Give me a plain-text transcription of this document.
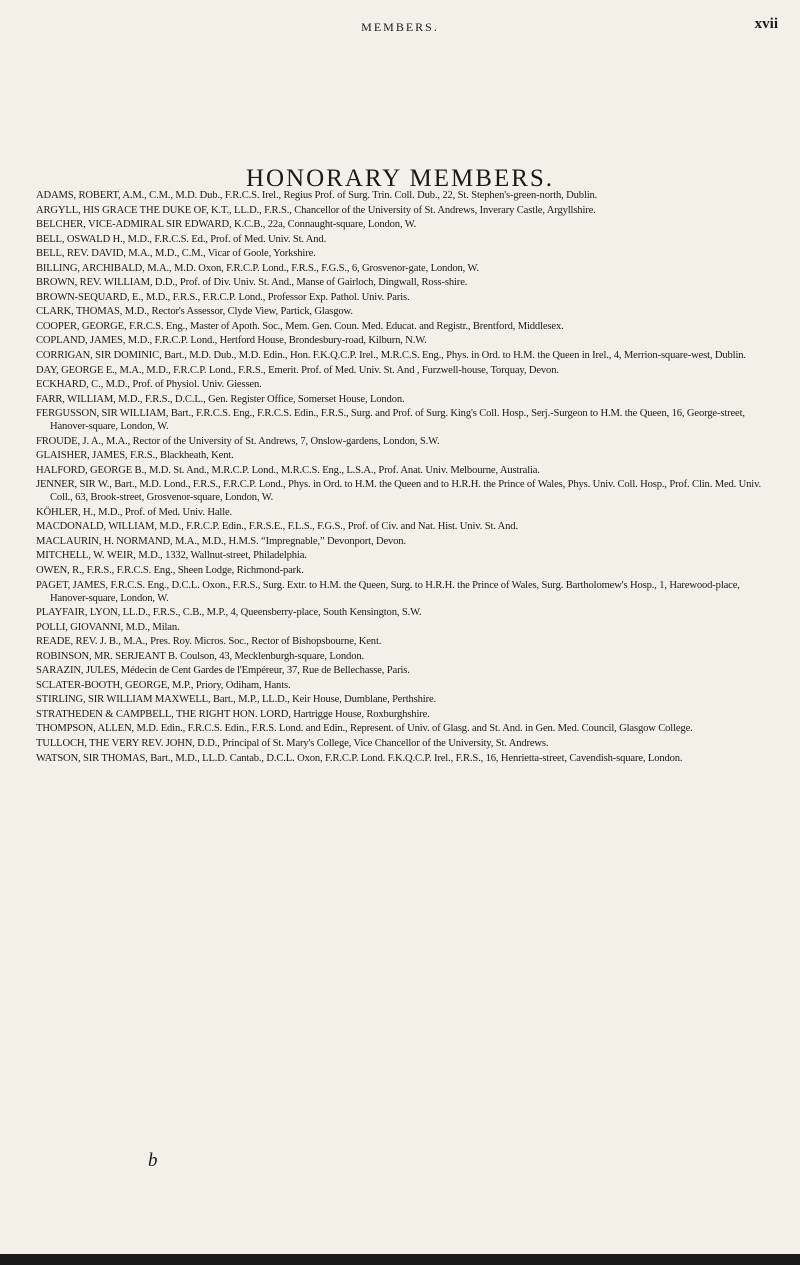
MEMBERS.	xvii
HONORARY MEMBERS.

ADAMS, ROBERT, A.M., C.M., M.D. Dub., F.R.C.S. Irel., Regius Prof. of Surg. Trin. Coll. Dub., 22, St. Stephen's-green-north, Dublin.

ARGYLL, HIS GRACE THE DUKE OF, K.T., LL.D., F.R.S., Chancellor of the University of St. Andrews, Inverary Castle, Argyllshire.

BELCHER, VICE-ADMIRAL SIR EDWARD, K.C.B., 22a, Connaught-square, London, W.

BELL, OSWALD H., M.D., F.R.C.S. Ed., Prof. of Med. Univ. St. And.

BELL, REV. DAVID, M.A., M.D., C.M., Vicar of Goole, Yorkshire.

BILLING, ARCHIBALD, M.A., M.D. Oxon, F.R.C.P. Lond., F.R.S., F.G.S., 6, Grosvenor-gate, London, W.

BROWN, REV. WILLIAM, D.D., Prof. of Div. Univ. St. And., Manse of Gairloch, Dingwall, Ross-shire.

BROWN-SEQUARD, E., M.D., F.R.S., F.R.C.P. Lond., Professor Exp. Pathol. Univ. Paris.

CLARK, THOMAS, M.D., Rector's Assessor, Clyde View, Partick, Glasgow.

COOPER, GEORGE, F.R.C.S. Eng., Master of Apoth. Soc., Mem. Gen. Coun. Med. Educat. and Registr., Brentford, Middlesex.

COPLAND, JAMES, M.D., F.R.C.P. Lond., Hertford House, Brondesbury-road, Kilburn, N.W.

CORRIGAN, SIR DOMINIC, Bart., M.D. Dub., M.D. Edin., Hon. F.K.Q.C.P. Irel., M.R.C.S. Eng., Phys. in Ord. to H.M. the Queen in Irel., 4, Merrion-square-west, Dublin.

DAY, GEORGE E., M.A., M.D., F.R.C.P. Lond., F.R.S., Emerit. Prof. of Med. Univ. St. And , Furzwell-house, Torquay, Devon.

ECKHARD, C., M.D., Prof. of Physiol. Univ. Giessen.

FARR, WILLIAM, M.D., F.R.S., D.C.L., Gen. Register Office, Somerset House, London.

FERGUSSON, SIR WILLIAM, Bart., F.R.C.S. Eng., F.R.C.S. Edin., F.R.S., Surg. and Prof. of Surg. King's Coll. Hosp., Serj.-Surgeon to H.M. the Queen, 16, George-street, Hanover-square, London, W.

FROUDE, J. A., M.A., Rector of the University of St. Andrews, 7, Onslow-gardens, London, S.W.

GLAISHER, JAMES, F.R.S., Blackheath, Kent.

HALFORD, GEORGE B., M.D. St. And., M.R.C.P. Lond., M.R.C.S. Eng., L.S.A., Prof. Anat. Univ. Melbourne, Australia.

JENNER, SIR W., Bart., M.D. Lond., F.R.S., F.R.C.P. Lond., Phys. in Ord. to H.M. the Queen and to H.R.H. the Prince of Wales, Phys. Univ. Coll. Hosp., Prof. Clin. Med. Univ. Coll., 63, Brook-street, Grosvenor-square, London, W.

KÖHLER, H., M.D., Prof. of Med. Univ. Halle.

MACDONALD, WILLIAM, M.D., F.R.C.P. Edin., F.R.S.E., F.L.S., F.G.S., Prof. of Civ. and Nat. Hist. Univ. St. And.

MACLAURIN, H. NORMAND, M.A., M.D., H.M.S. “Impregnable,” Devonport, Devon.

MITCHELL, W. WEIR, M.D., 1332, Wallnut-street, Philadelphia.

OWEN, R., F.R.S., F.R.C.S. Eng., Sheen Lodge, Richmond-park.

PAGET, JAMES, F.R.C.S. Eng., D.C.L. Oxon., F.R.S., Surg. Extr. to H.M. the Queen, Surg. to H.R.H. the Prince of Wales, Surg. Bartholomew's Hosp., 1, Harewood-place, Hanover-square, London, W.

PLAYFAIR, LYON, LL.D., F.R.S., C.B., M.P., 4, Queensberry-place, South Kensington, S.W.

POLLI, GIOVANNI, M.D., Milan.

READE, REV. J. B., M.A., Pres. Roy. Micros. Soc., Rector of Bishopsbourne, Kent.

ROBINSON, MR. SERJEANT B. Coulson, 43, Mecklenburgh-square, London.

SARAZIN, JULES, Médecin de Cent Gardes de l'Empéreur, 37, Rue de Bellechasse, Paris.

SCLATER-BOOTH, GEORGE, M.P., Priory, Odiham, Hants.

STIRLING, SIR WILLIAM MAXWELL, Bart., M.P., LL.D., Keir House, Dumblane, Perthshire.

STRATHEDEN & CAMPBELL, THE RIGHT HON. LORD, Hartrigge House, Roxburghshire.

THOMPSON, ALLEN, M.D. Edin., F.R.C.S. Edin., F.R.S. Lond. and Edin., Represent. of Univ. of Glasg. and St. And. in Gen. Med. Council, Glasgow College.

TULLOCH, THE VERY REV. JOHN, D.D., Principal of St. Mary's College, Vice Chancellor of the University, St. Andrews.

WATSON, SIR THOMAS, Bart., M.D., LL.D. Cantab., D.C.L. Oxon, F.R.C.P. Lond. F.K.Q.C.P. Irel., F.R.S., 16, Henrietta-street, Cavendish-square, London.

b
